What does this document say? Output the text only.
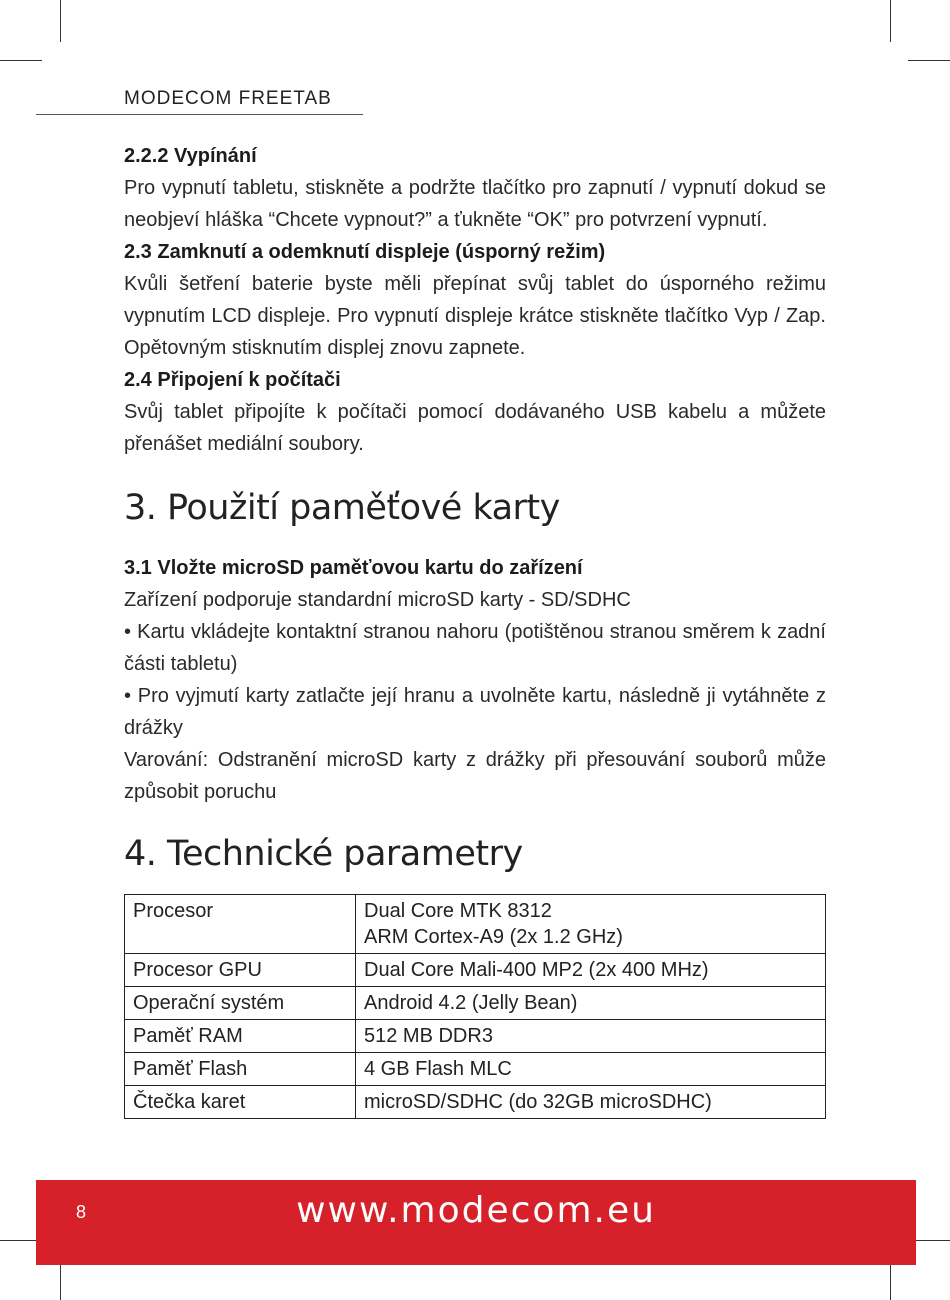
MODECOM FREETAB
2.2.2 Vypínání

Pro vypnutí tabletu, stiskněte a podržte tlačítko pro zapnutí / vypnutí dokud se neobjeví hláška “Chcete vypnout?” a ťukněte “OK” pro potvrzení vypnutí.

2.3 Zamknutí a odemknutí displeje (úsporný režim)

Kvůli šetření baterie byste měli přepínat svůj tablet do úsporného režimu vypnutím LCD displeje. Pro vypnutí displeje krátce stiskněte tlačítko Vyp / Zap. Opětovným stisknutím displej znovu zapnete.

2.4 Připojení k počítači

Svůj tablet připojíte k počítači pomocí dodávaného USB kabelu a můžete přenášet mediální soubory.

3. Použití paměťové karty
3.1 Vložte microSD paměťovou kartu do zařízení

Zařízení podporuje standardní microSD karty - SD/SDHC

• Kartu vkládejte kontaktní stranou nahoru (potištěnou stranou směrem k zadní části tabletu)

• Pro vyjmutí karty zatlačte její hranu a uvolněte kartu, následně ji vytáhněte z drážky

Varování: Odstranění microSD karty z drážky při přesouvání souborů může způsobit poruchu

4. Technické parametry
Procesor	Dual Core MTK 8312
ARM Cortex-A9 (2x 1.2 GHz)

Procesor GPU	Dual Core Mali-400 MP2 (2x 400 MHz)
Operační systém	Android 4.2 (Jelly Bean)
Paměť RAM	512 MB DDR3
Paměť Flash	4 GB Flash MLC
Čtečka karet	microSD/SDHC (do 32GB microSDHC)
8	www.modecom.eu
